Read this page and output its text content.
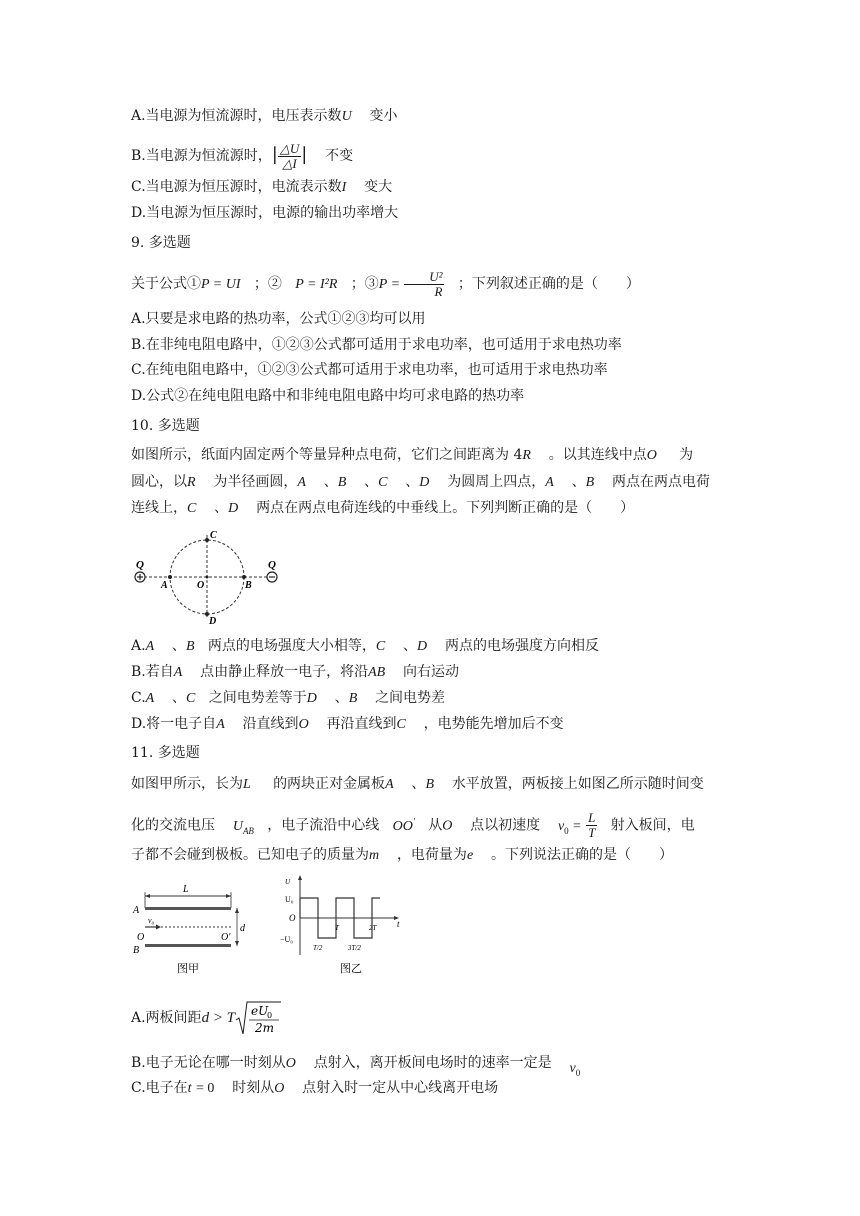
A.当电源为恒流源时，电压表示数U 变小
B.当电源为恒流源时，| $\frac{\triangle U}{\triangle I}$ | 不变
C.当电源为恒压源时，电流表示数I 变大
D.当电源为恒压源时，电源的输出功率增大
9. 多选题
关于公式①P = UI ；② P = I²R ；③P = $\frac{\text{U²}}{R}$ ；下列叙述正确的是（　　）
A.只要是求电路的热功率，公式①②③均可以用
B.在非纯电阻电路中，①②③公式都可适用于求电功率，也可适用于求电热功率
C.在纯电阻电路中，①②③公式都可适用于求电功率，也可适用于求电热功率
D.公式②在纯电阻电路中和非纯电阻电路中均可求电路的热功率
10. 多选题
如图所示，纸面内固定两个等量异种点电荷，它们之间距离为 4R 。以其连线中点O 为
圆心，以R 为半径画圆，A    、B    、C    、D 为圆周上四点，A    、B 两点在两点电荷
连线上，C    、D 两点在两点电荷连线的中垂线上。下列判断正确的是（　　）
Q	Q
A	B
C
D
O
A.A    、B 两点的电场强度大小相等，C    、D 两点的电场强度方向相反
B.若自A 点由静止释放一电子，将沿AB 向右运动
C.A    、C 之间电势差等于D    、B 之间电势差
D.将一电子自A 沿直线到O 再沿直线到C ，电势能先增加后不变
11. 多选题
如图甲所示，长为L 的两块正对金属板A    、B 水平放置，两板接上如图乙所示随时间变
化的交流电压 $U_{AB}$ ，电子流沿中心线 OO' 从O 点以初速度 $v_0 = \frac{L}{T}$ 射入板间，电
子都不会碰到极板。已知电子的质量为m ，电荷量为e 。下列说法正确的是（　　）
L
A
B
v₀
O	O'
d
图甲
U
U₀
O
−U₀
t
T/2
T
3T/2
2T
图乙
A.两板间距d > T eU
0
2m
B.电子无论在哪一时刻从O 点射入，离开板间电场时的速率一定是 $v_0$
C.电子在t = 0 时刻从O 点射入时一定从中心线离开电场
